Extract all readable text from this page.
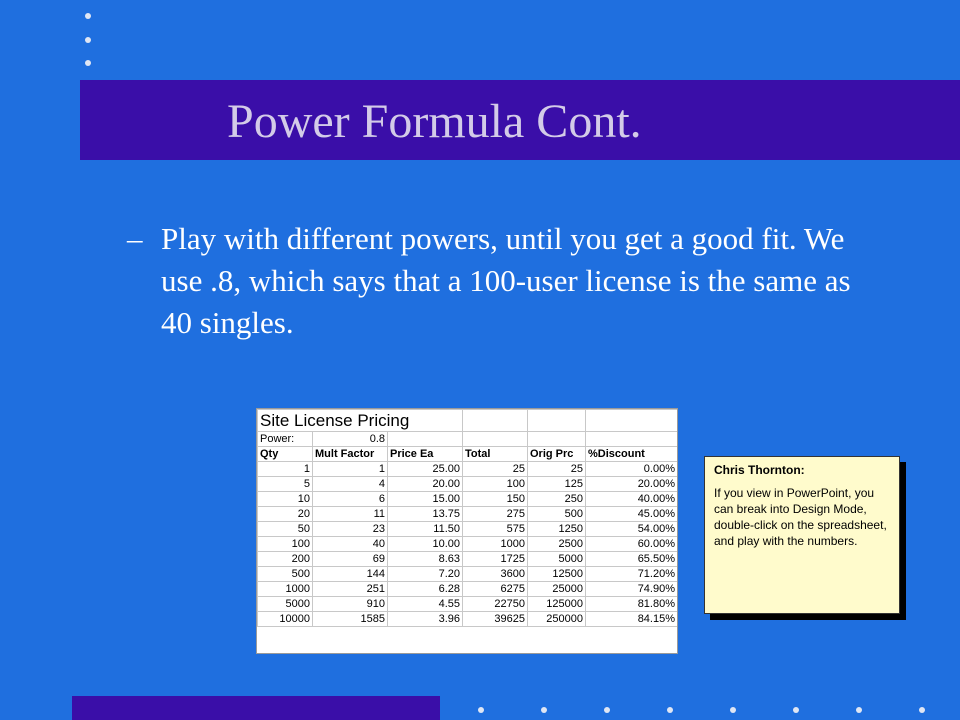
Power Formula Cont.
– Play with different powers, until you get a good fit. We use .8, which says that a 100-user license is the same as 40 singles.
Site License Pricing					
Power:	0.8				
Qty	Mult Factor	Price Ea	Total	Orig Prc	%Discount
1	1	25.00	25	25	0.00%
5	4	20.00	100	125	20.00%
10	6	15.00	150	250	40.00%
20	11	13.75	275	500	45.00%
50	23	11.50	575	1250	54.00%
100	40	10.00	1000	2500	60.00%
200	69	8.63	1725	5000	65.50%
500	144	7.20	3600	12500	71.20%
1000	251	6.28	6275	25000	74.90%
5000	910	4.55	22750	125000	81.80%
10000	1585	3.96	39625	250000	84.15%
Chris Thornton:
If you view in PowerPoint, you can break into Design Mode, double-click on the spreadsheet, and play with the numbers.
